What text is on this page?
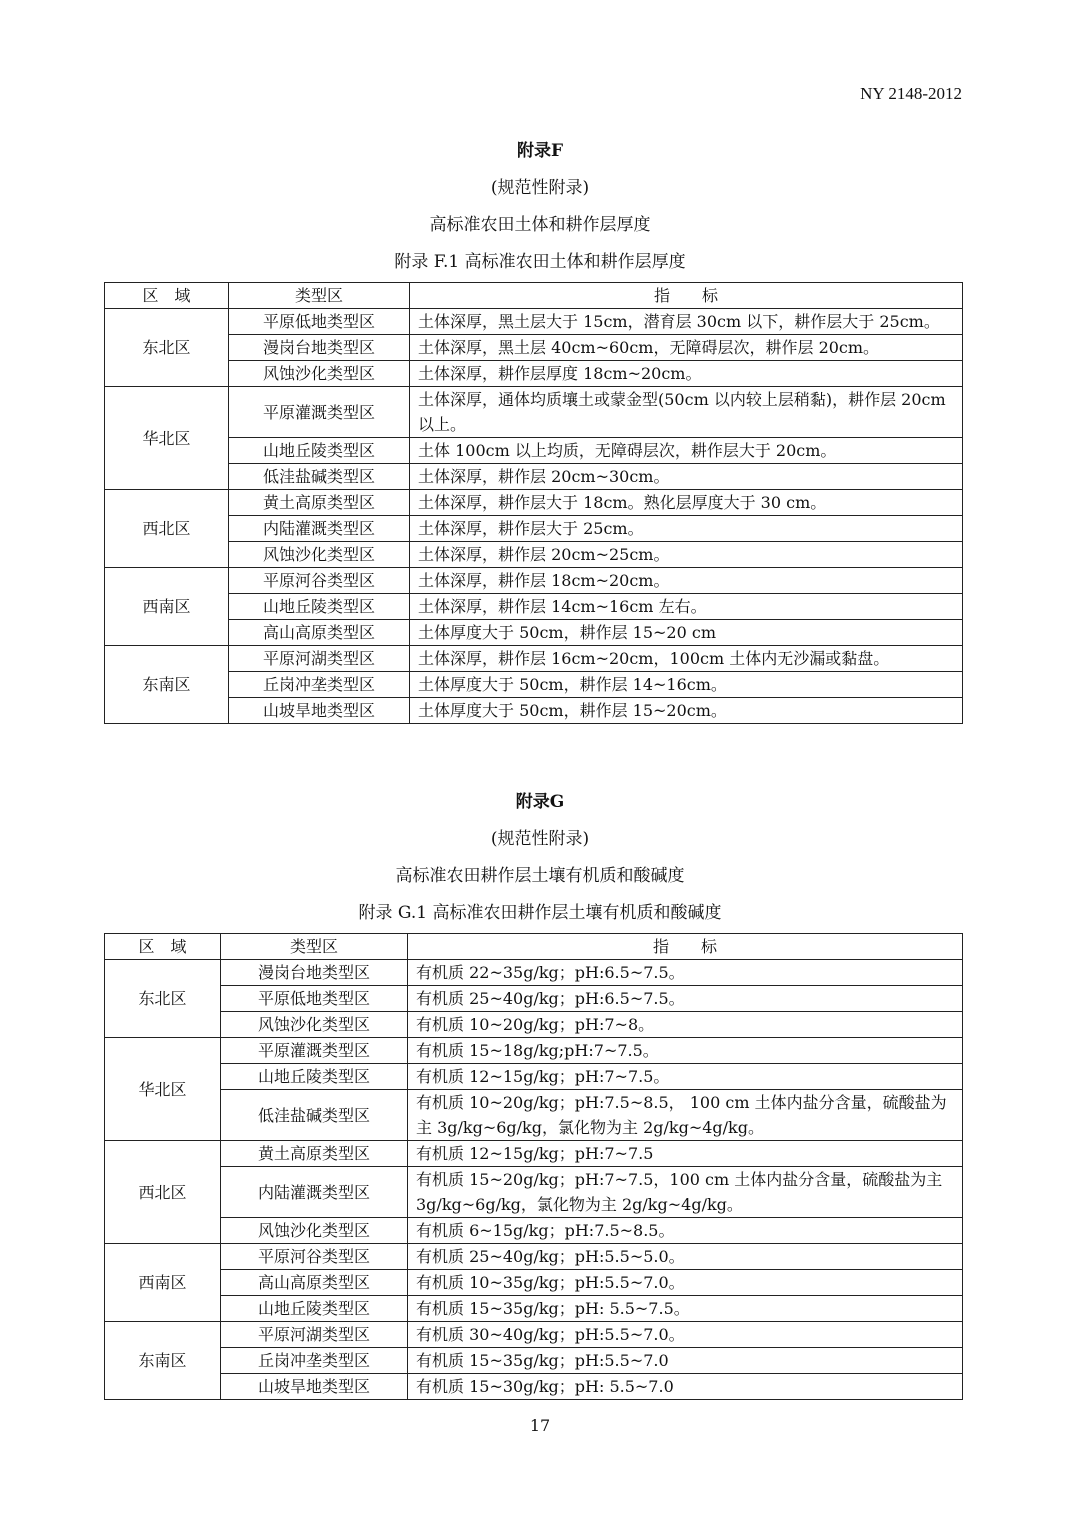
NY 2148-2012
附录F
(规范性附录)
高标准农田土体和耕作层厚度
附录 F.1 高标准农田土体和耕作层厚度
区　域	类型区	指　　标
东北区	平原低地类型区	土体深厚，黑土层大于 15cm，潜育层 30cm 以下，耕作层大于 25cm。
	漫岗台地类型区	土体深厚，黑土层 40cm~60cm，无障碍层次，耕作层 20cm。
	风蚀沙化类型区	土体深厚，耕作层厚度 18cm~20cm。
华北区	平原灌溉类型区	土体深厚，通体均质壤土或蒙金型(50cm 以内较上层稍黏)，耕作层 20cm 以上。
	山地丘陵类型区	土体 100cm 以上均质，无障碍层次，耕作层大于 20cm。
	低洼盐碱类型区	土体深厚，耕作层 20cm~30cm。
西北区	黄土高原类型区	土体深厚，耕作层大于 18cm。熟化层厚度大于 30 cm。
	内陆灌溉类型区	土体深厚，耕作层大于 25cm。
	风蚀沙化类型区	土体深厚，耕作层 20cm~25cm。
西南区	平原河谷类型区	土体深厚，耕作层 18cm~20cm。
	山地丘陵类型区	土体深厚，耕作层 14cm~16cm 左右。
	高山高原类型区	土体厚度大于 50cm，耕作层 15~20 cm
东南区	平原河湖类型区	土体深厚，耕作层 16cm~20cm，100cm 土体内无沙漏或黏盘。
	丘岗冲垄类型区	土体厚度大于 50cm，耕作层 14~16cm。
	山坡旱地类型区	土体厚度大于 50cm，耕作层 15~20cm。
附录G
(规范性附录)
高标准农田耕作层土壤有机质和酸碱度
附录 G.1 高标准农田耕作层土壤有机质和酸碱度
区　域	类型区	指　　标
东北区	漫岗台地类型区	有机质 22~35g/kg；pH:6.5~7.5。
	平原低地类型区	有机质 25~40g/kg；pH:6.5~7.5。
	风蚀沙化类型区	有机质 10~20g/kg；pH:7~8。
华北区	平原灌溉类型区	有机质 15~18g/kg;pH:7~7.5。
	山地丘陵类型区	有机质 12~15g/kg；pH:7~7.5。
	低洼盐碱类型区	有机质 10~20g/kg；pH:7.5~8.5， 100 cm 土体内盐分含量，硫酸盐为主 3g/kg~6g/kg，氯化物为主 2g/kg~4g/kg。
西北区	黄土高原类型区	有机质 12~15g/kg；pH:7~7.5
	内陆灌溉类型区	有机质 15~20g/kg；pH:7~7.5，100 cm 土体内盐分含量，硫酸盐为主 3g/kg~6g/kg，氯化物为主 2g/kg~4g/kg。
	风蚀沙化类型区	有机质 6~15g/kg；pH:7.5~8.5。
西南区	平原河谷类型区	有机质 25~40g/kg；pH:5.5~5.0。
	高山高原类型区	有机质 10~35g/kg；pH:5.5~7.0。
	山地丘陵类型区	有机质 15~35g/kg；pH: 5.5~7.5。
东南区	平原河湖类型区	有机质 30~40g/kg；pH:5.5~7.0。
	丘岗冲垄类型区	有机质 15~35g/kg；pH:5.5~7.0
	山坡旱地类型区	有机质 15~30g/kg；pH: 5.5~7.0
17
